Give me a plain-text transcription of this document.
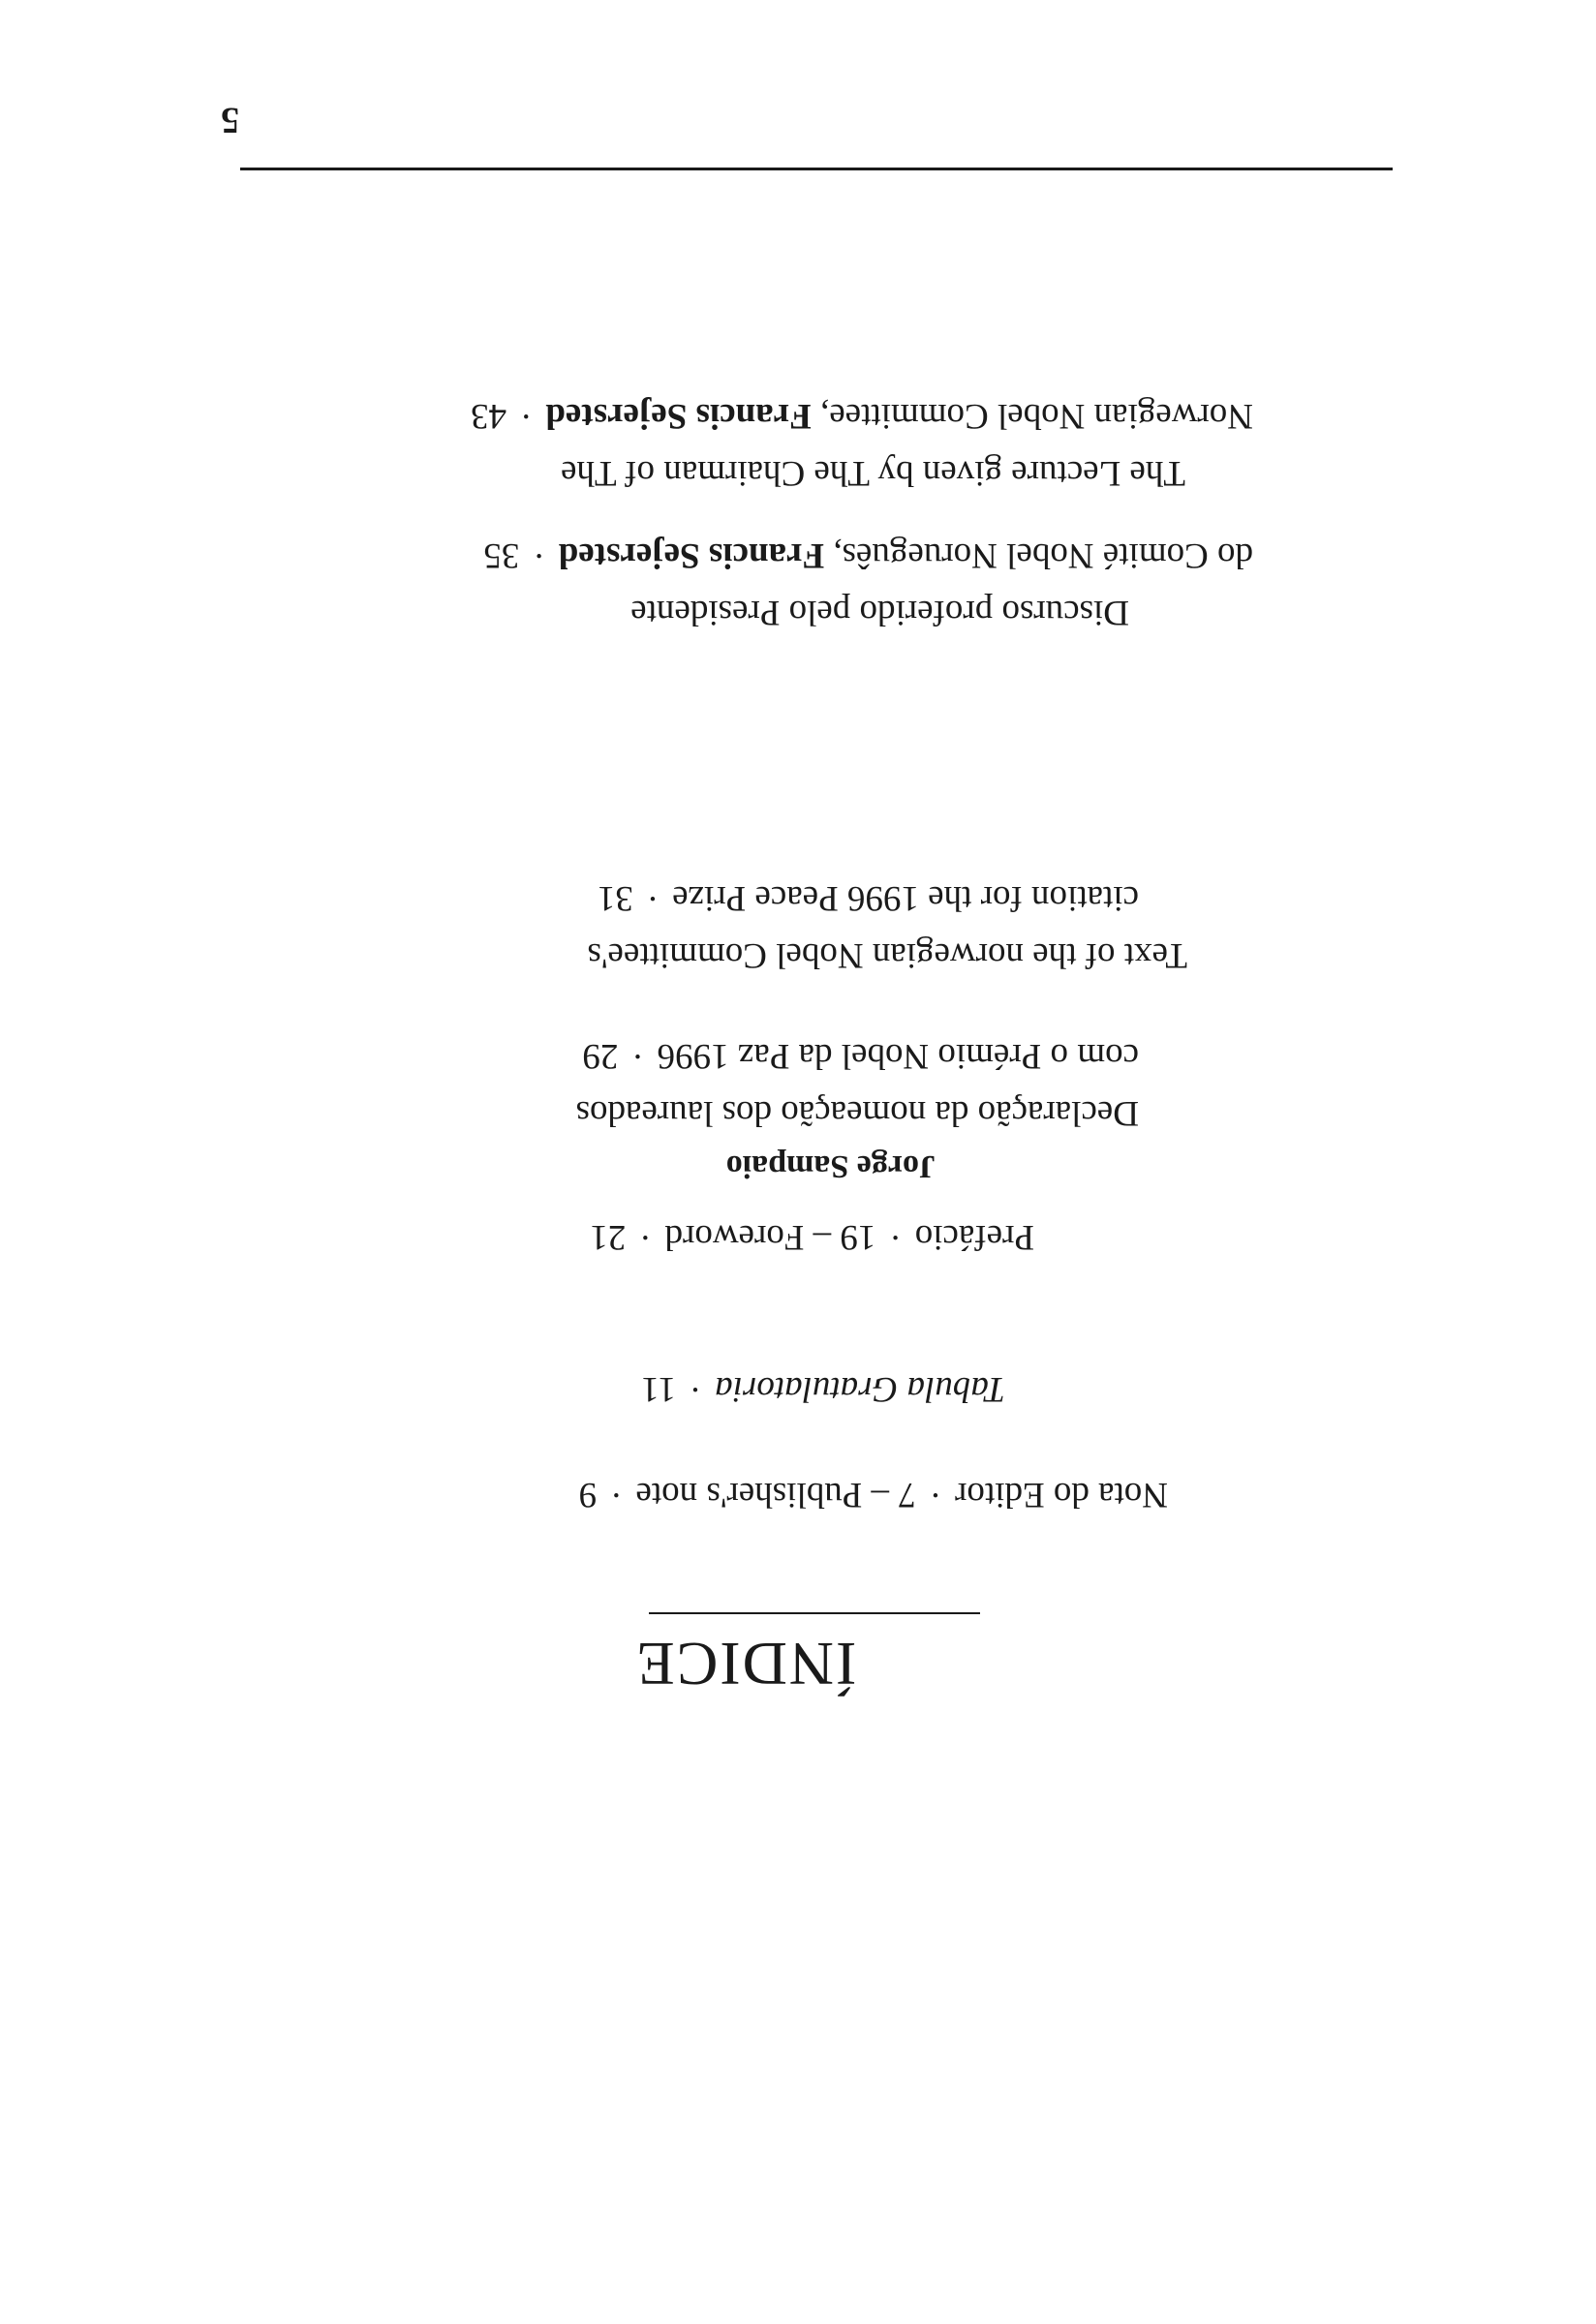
5
ÍNDICE
Nota do Editor·7 – Publisher's note·9
Tabula Gratulatoria·11
Prefácio·19 – Foreword·21
Jorge Sampaio
Declaração da nomeação dos laureados
com o Prémio Nobel da Paz 1996·29
Text of the norwegian Nobel Committee's
citation for the 1996 Peace Prize·31
Discurso proferido pelo Presidente
do Comité Nobel Norueguês, Francis Sejersted·35
The Lecture given by The Chairman of The
Norwegian Nobel Committee, Francis Sejersted·43
